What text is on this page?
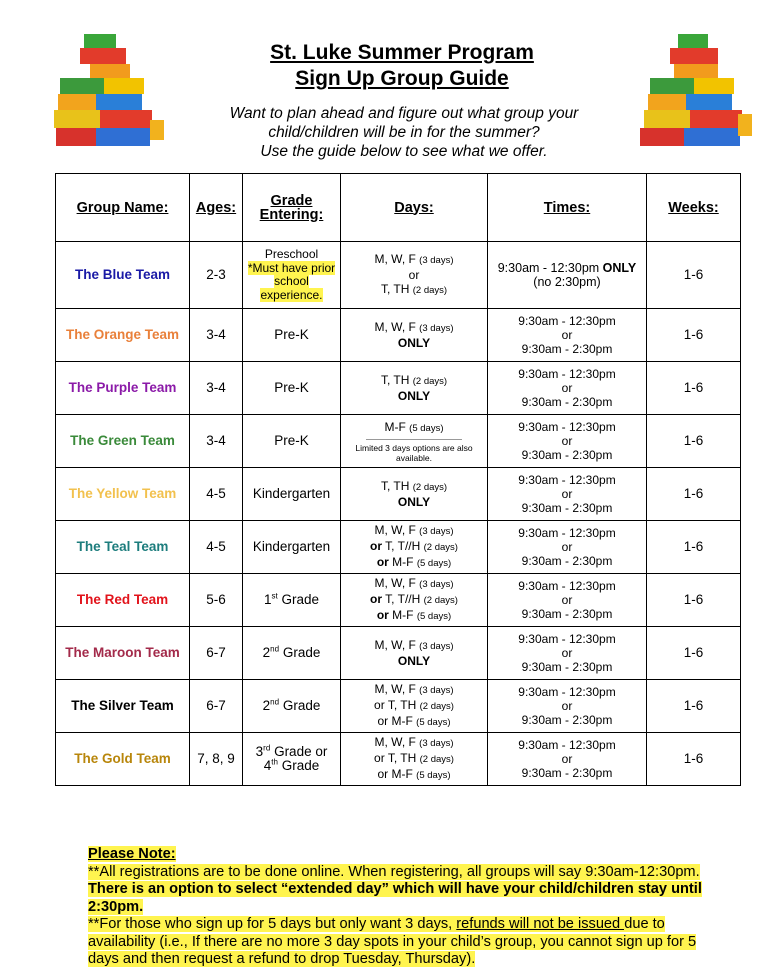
St. Luke Summer Program
Sign Up Group Guide
Want to plan ahead and figure out what group your
child/children will be in for the summer?
Use the guide below to see what we offer.
Group Name:	Ages:	Grade
Entering:	Days:	Times:	Weeks:
The Blue Team	2-3	Preschool
*Must have prior
school
experience.	M, W, F (3 days)
or
T, TH (2 days)	9:30am - 12:30pm ONLY
(no 2:30pm)	1-6
The Orange Team	3-4	Pre-K	M, W, F (3 days)
ONLY	9:30am - 12:30pm
or
9:30am - 2:30pm	1-6
The Purple Team	3-4	Pre-K	T, TH (2 days)
ONLY	9:30am - 12:30pm
or
9:30am - 2:30pm	1-6
The Green Team	3-4	Pre-K	M-F (5 days)
Limited 3 days options are also available.	9:30am - 12:30pm
or
9:30am - 2:30pm	1-6
The Yellow Team	4-5	Kindergarten	T, TH (2 days)
ONLY	9:30am - 12:30pm
or
9:30am - 2:30pm	1-6
The Teal Team	4-5	Kindergarten	M, W, F (3 days)
or T, T//H (2 days)
or M-F (5 days)	9:30am - 12:30pm
or
9:30am - 2:30pm	1-6
The Red Team	5-6	1st Grade	M, W, F (3 days)
or T, T//H (2 days)
or M-F (5 days)	9:30am - 12:30pm
or
9:30am - 2:30pm	1-6
The Maroon Team	6-7	2nd Grade	M, W, F (3 days)
ONLY	9:30am - 12:30pm
or
9:30am - 2:30pm	1-6
The Silver Team	6-7	2nd Grade	M, W, F (3 days)
or T, TH (2 days)
or M-F (5 days)	9:30am - 12:30pm
or
9:30am - 2:30pm	1-6
The Gold Team	7, 8, 9	3rd Grade or
4th Grade	M, W, F (3 days)
or T, TH (2 days)
or M-F (5 days)	9:30am - 12:30pm
or
9:30am - 2:30pm	1-6
Please Note:
**All registrations are to be done online. When registering, all groups will say 9:30am-12:30pm.
There is an option to select “extended day” which will have your child/children stay until 2:30pm.
**For those who sign up for 5 days but only want 3 days, refunds will not be issued due to availability (i.e., If there are no more 3 day spots in your child’s group, you cannot sign up for 5 days and then request a refund to drop Tuesday, Thursday).
